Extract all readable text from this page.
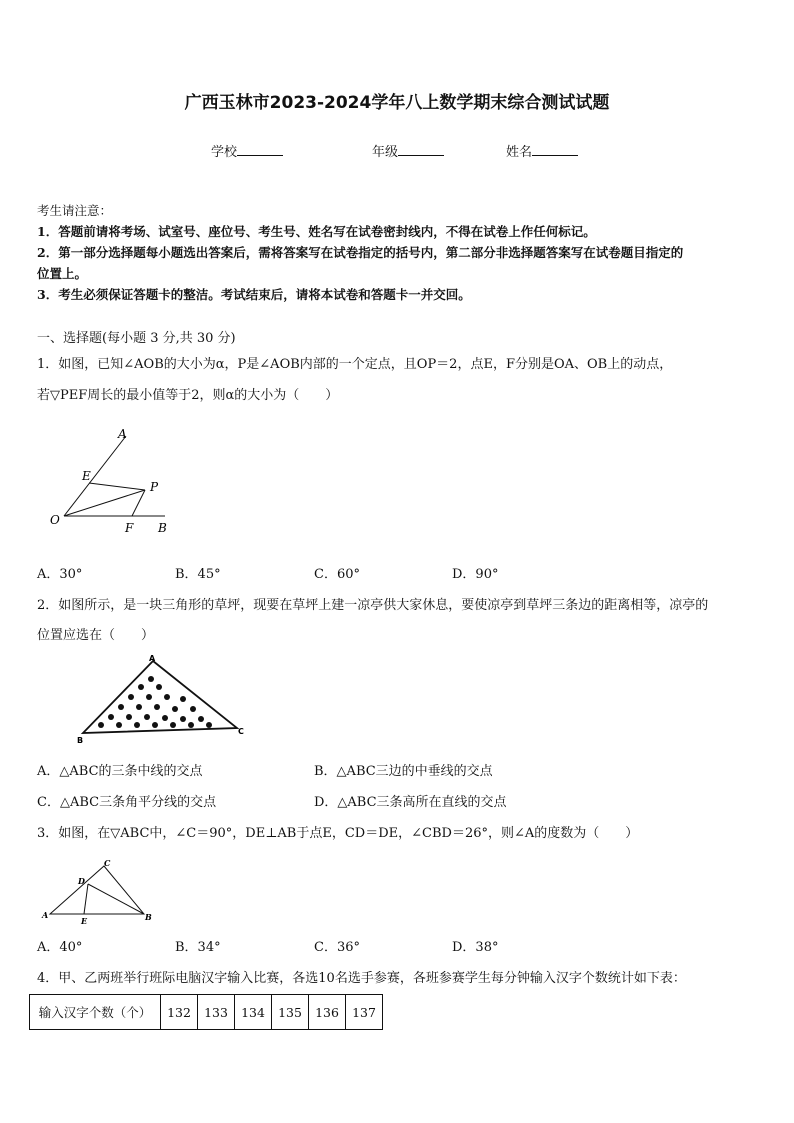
广西玉林市2023-2024学年八上数学期末综合测试试题
学校	年级	姓名
考生请注意：
1．答题前请将考场、试室号、座位号、考生号、姓名写在试卷密封线内，不得在试卷上作任何标记。
2．第一部分选择题每小题选出答案后，需将答案写在试卷指定的括号内，第二部分非选择题答案写在试卷题目指定的
位置上。
3．考生必须保证答题卡的整洁。考试结束后，请将本试卷和答题卡一并交回。
一、选择题(每小题 3 分,共 30 分)
1．如图，已知∠AOB的大小为α，P是∠AOB内部的一个定点，且OP＝2，点E，F分别是OA、OB上的动点，
若▽PEF周长的最小值等于2，则α的大小为（　　）
A
E
P
O
F B
A．30°	B．45°	C．60°	D．90°
2．如图所示，是一块三角形的草坪，现要在草坪上建一凉亭供大家休息，要使凉亭到草坪三条边的距离相等，凉亭的
位置应选在（　　）
A
B
C
A．△ABC的三条中线的交点	B．△ABC三边的中垂线的交点
C．△ABC三条角平分线的交点	D．△ABC三条高所在直线的交点
3．如图，在▽ABC中，∠C＝90°，DE⊥AB于点E，CD＝DE，∠CBD＝26°，则∠A的度数为（　　）
C
D
A
E	B
A．40°	B．34°	C．36°	D．38°
4．甲、乙两班举行班际电脑汉字输入比赛，各选10名选手参赛，各班参赛学生每分钟输入汉字个数统计如下表：
输入汉字个数（个）	132	133	134	135	136	137
